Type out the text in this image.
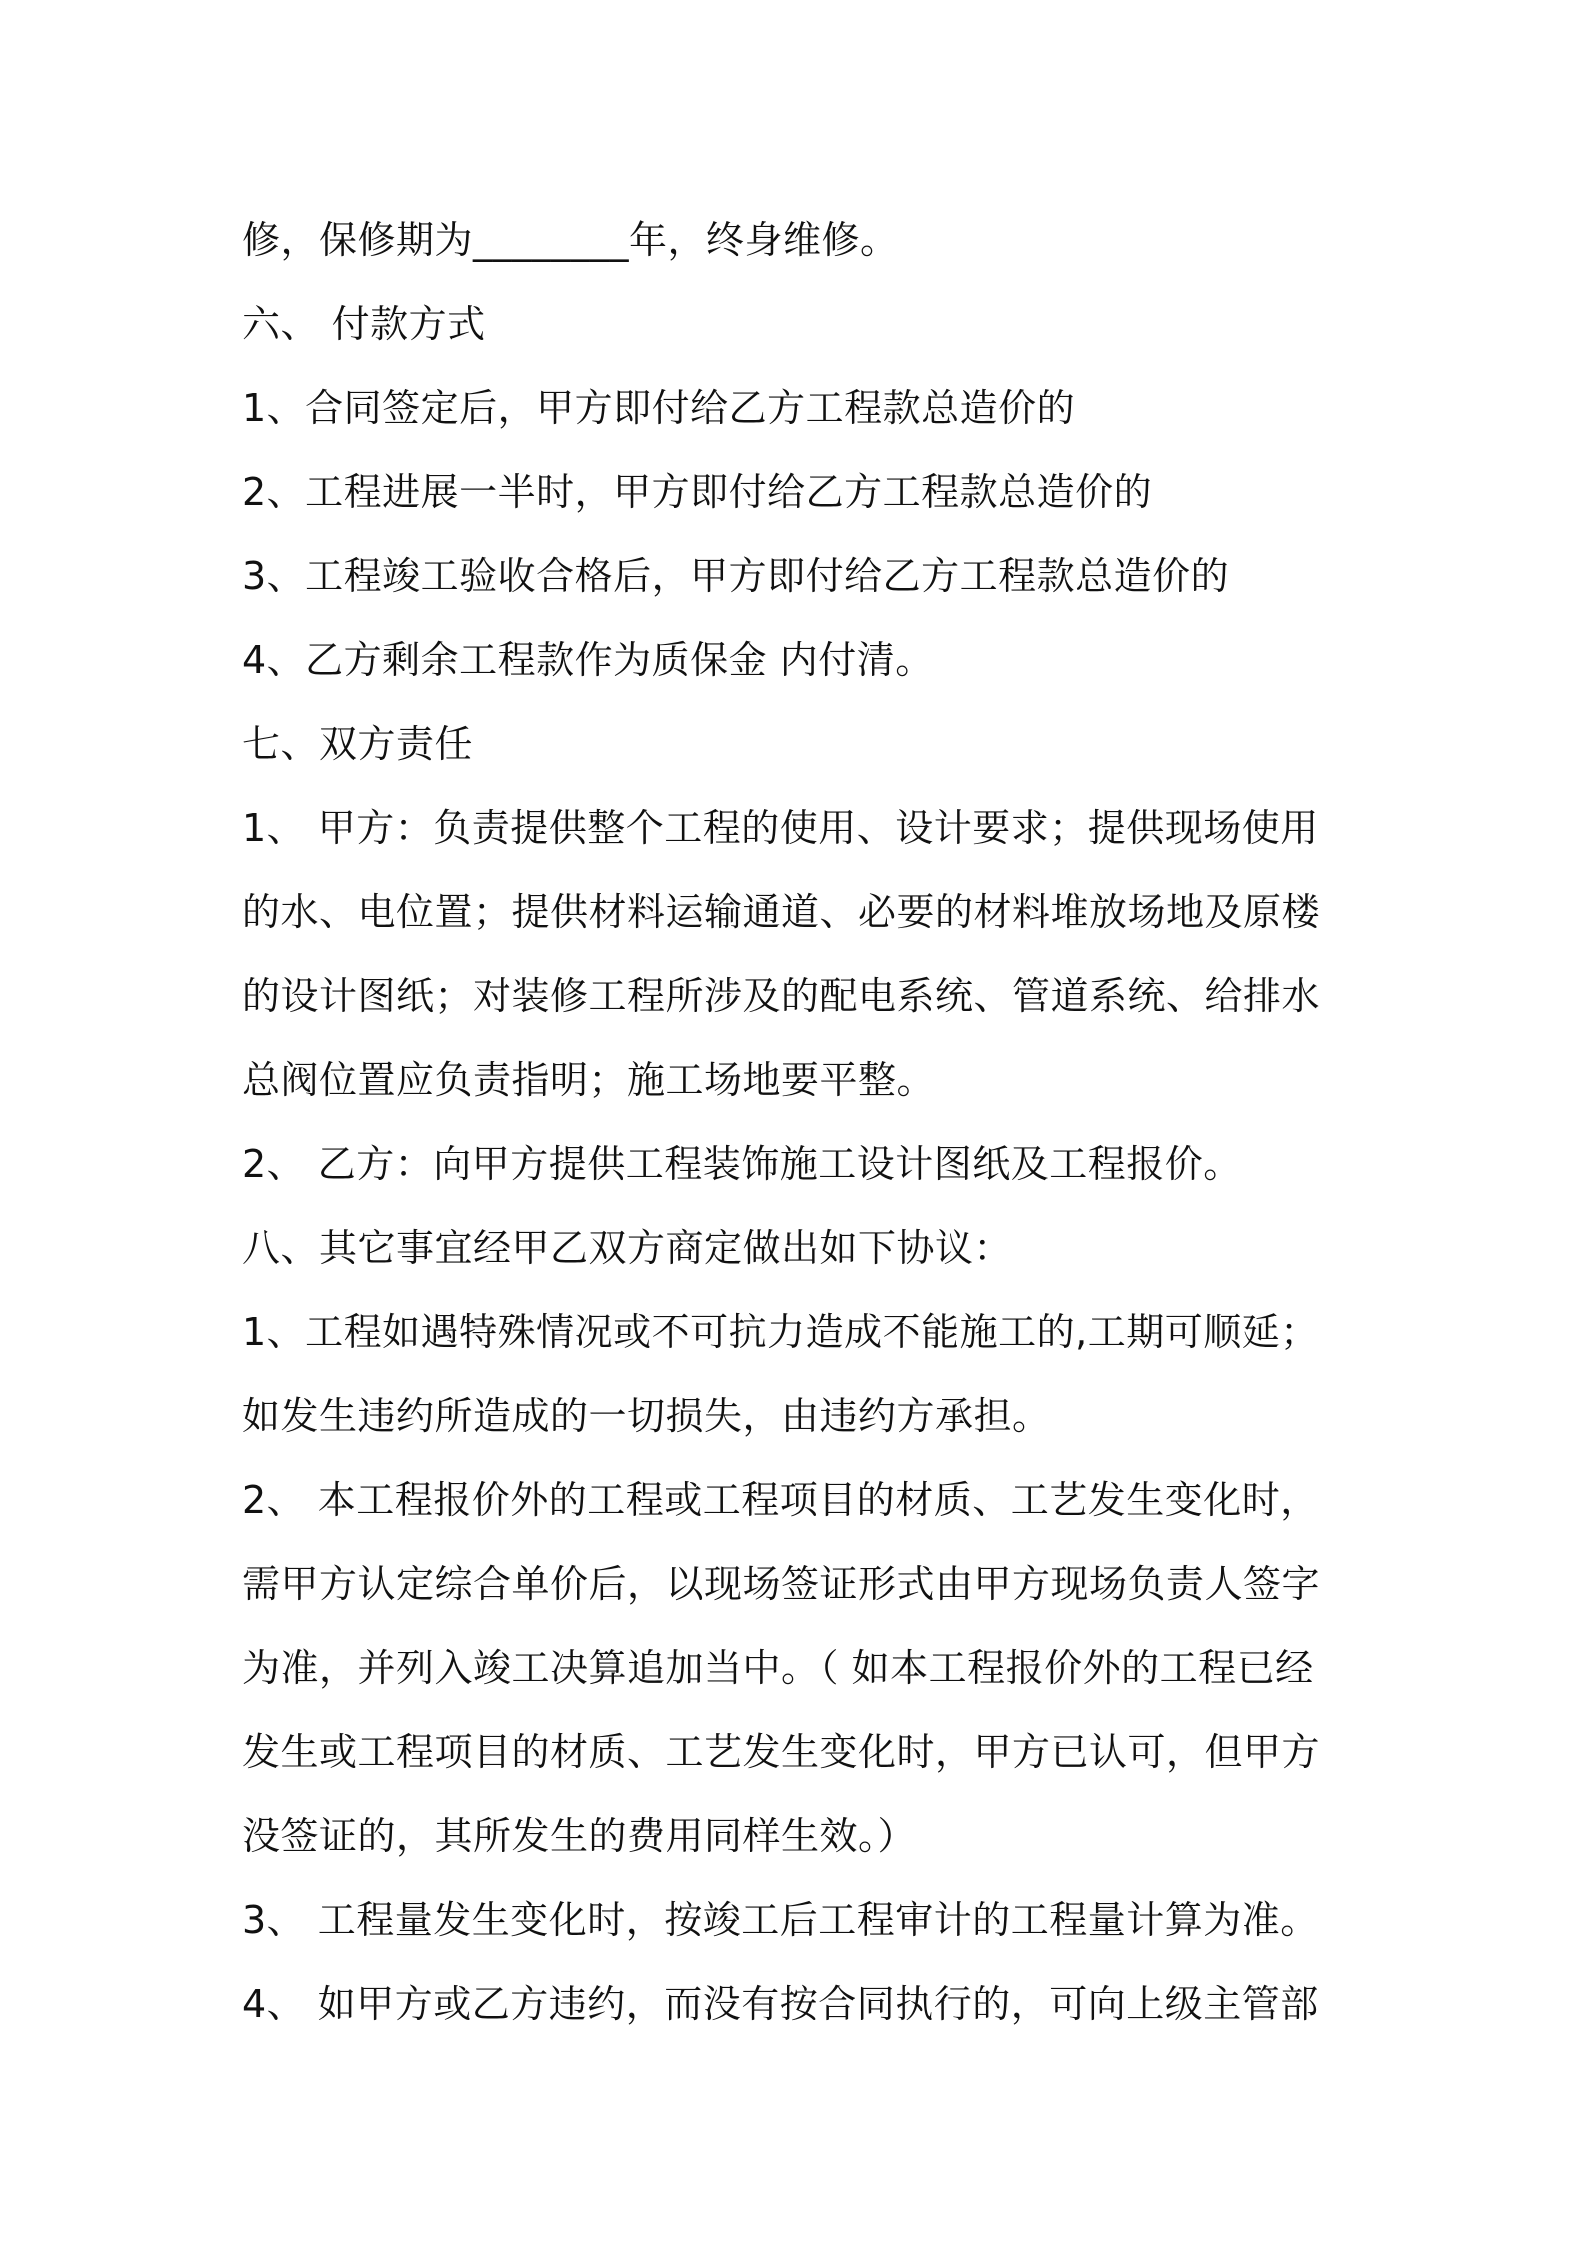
修，保修期为________年，终身维修。
六、 付款方式
1、合同签定后，甲方即付给乙方工程款总造价的
2、工程进展一半时，甲方即付给乙方工程款总造价的
3、工程竣工验收合格后，甲方即付给乙方工程款总造价的
4、乙方剩余工程款作为质保金 内付清。
七、双方责任
1、 甲方：负责提供整个工程的使用、设计要求；提供现场使用
的水、电位置；提供材料运输通道、必要的材料堆放场地及原楼
的设计图纸；对装修工程所涉及的配电系统、管道系统、给排水
总阀位置应负责指明；施工场地要平整。
2、 乙方：向甲方提供工程装饰施工设计图纸及工程报价。
八、其它事宜经甲乙双方商定做出如下协议：
1、工程如遇特殊情况或不可抗力造成不能施工的,工期可顺延；
如发生违约所造成的一切损失，由违约方承担。
2、 本工程报价外的工程或工程项目的材质、工艺发生变化时，
需甲方认定综合单价后，以现场签证形式由甲方现场负责人签字
为准，并列入竣工决算追加当中。（ 如本工程报价外的工程已经
发生或工程项目的材质、工艺发生变化时，甲方已认可，但甲方
没签证的，其所发生的费用同样生效。）
3、 工程量发生变化时，按竣工后工程审计的工程量计算为准。
4、 如甲方或乙方违约，而没有按合同执行的，可向上级主管部
